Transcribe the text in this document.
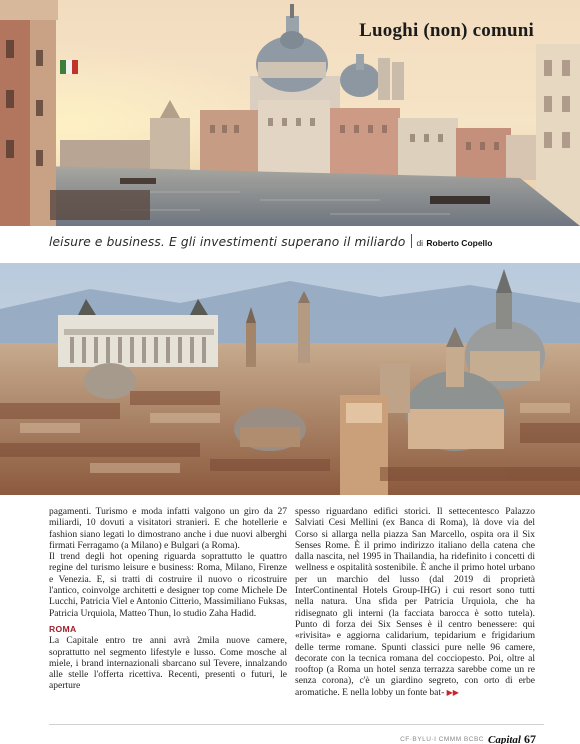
Luoghi (non) comuni
leisure e business. E gli investimenti superano il miliardo di Roberto Copello

pagamenti. Turismo e moda infatti valgono un giro da 27 miliardi, 10 dovuti a visitatori stranieri. E che hotellerie e fashion siano legati lo dimostrano anche i due nuovi alberghi firmati Ferragamo (a Milano) e Bulgari (a Roma).

Il trend degli hot opening riguarda soprattutto le quattro regine del turismo leisure e business: Roma, Milano, Firenze e Venezia. E, si tratti di costruire il nuovo o ricostruire l'antico, coinvolge architetti e designer top come Michele De Lucchi, Patricia Viel e Antonio Citterio, Massimiliano Fuksas, Patricia Urquiola, Matteo Thun, lo studio Zaha Hadid.

ROMA

La Capitale entro tre anni avrà 2mila nuove camere, soprattutto nel segmento lifestyle e lusso. Come mosche al miele, i brand internazionali sbarcano sul Tevere, innalzando alle stelle l'offerta ricettiva. Recenti, presenti o futuri, le aperture

spesso riguardano edifici storici. Il settecentesco Palazzo Salviati Cesi Mellini (ex Banca di Roma), là dove via del Corso si allarga nella piazza San Marcello, ospita ora il Six Senses Rome. È il primo indirizzo italiano della catena che dalla nascita, nel 1995 in Thailandia, ha ridefinito i concetti di wellness e ospitalità sostenibile. È anche il primo hotel urbano per un marchio del lusso (dal 2019 di proprietà InterContinental Hotels Group-IHG) i cui resort sono tutti nella natura. Una sfida per Patricia Urquiola, che ha ridisegnato gli interni (la facciata barocca è sotto tutela). Punto di forza dei Six Senses è il centro benessere: qui «rivisita» e aggiorna calidarium, tepidarium e frigidarium delle terme romane. Spunti classici pure nelle 96 camere, decorate con la tecnica romana del cocciopesto. Poi, oltre al rooftop (a Roma un hotel senza terrazza sarebbe come un re senza corona), c'è un giardino segreto, con orto di erbe aromatiche. E nella lobby un fonte bat- ▶▶

CF·BYLU·I CMMM BCBC Capital 67
